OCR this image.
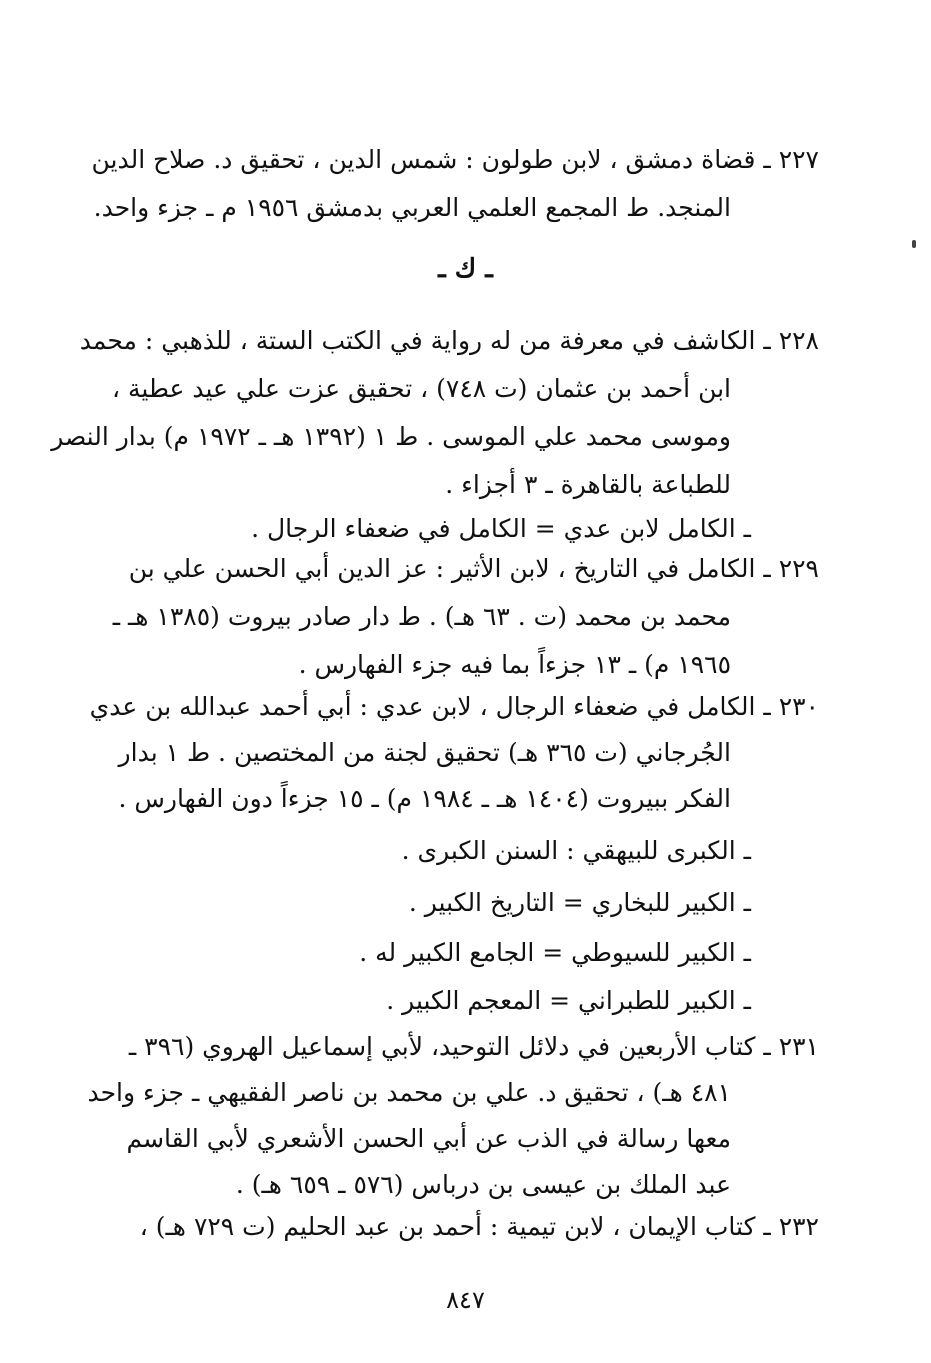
٢٢٧ ـ قضاة دمشق ، لابن طولون : شمس الدين ، تحقيق د. صلاح الدين
المنجد. ط المجمع العلمي العربي بدمشق ١٩٥٦ م ـ جزء واحد.
ـ ك ـ
٢٢٨ ـ الكاشف في معرفة من له رواية في الكتب الستة ، للذهبي : محمد
ابن أحمد بن عثمان (ت ٧٤٨) ، تحقيق عزت علي عيد عطية ،
وموسى محمد علي الموسى . ط ١ (١٣٩٢ هـ ـ ١٩٧٢ م) بدار النصر
للطباعة بالقاهرة ـ ٣ أجزاء .
ـ الكامل لابن عدي = الكامل في ضعفاء الرجال .
٢٢٩ ـ الكامل في التاريخ ، لابن الأثير : عز الدين أبي الحسن علي بن
محمد بن محمد (ت . ٦٣ هـ) . ط دار صادر بيروت (١٣٨٥ هـ ـ
١٩٦٥ م) ـ ١٣ جزءاً بما فيه جزء الفهارس .
٢٣٠ ـ الكامل في ضعفاء الرجال ، لابن عدي : أبي أحمد عبدالله بن عدي
الجُرجاني (ت ٣٦٥ هـ) تحقيق لجنة من المختصين . ط ١ بدار
الفكر ببيروت (١٤٠٤ هـ ـ ١٩٨٤ م) ـ ١٥ جزءاً دون الفهارس .
ـ الكبرى للبيهقي : السنن الكبرى .
ـ الكبير للبخاري = التاريخ الكبير .
ـ الكبير للسيوطي = الجامع الكبير له .
ـ الكبير للطبراني = المعجم الكبير .
٢٣١ ـ كتاب الأربعين في دلائل التوحيد، لأبي إسماعيل الهروي (٣٩٦ ـ
٤٨١ هـ) ، تحقيق د. علي بن محمد بن ناصر الفقيهي ـ جزء واحد
معها رسالة في الذب عن أبي الحسن الأشعري لأبي القاسم
عبد الملك بن عيسى بن درباس (٥٧٦ ـ ٦٥٩ هـ) .
٢٣٢ ـ كتاب الإيمان ، لابن تيمية : أحمد بن عبد الحليم (ت ٧٢٩ هـ) ،
٨٤٧
